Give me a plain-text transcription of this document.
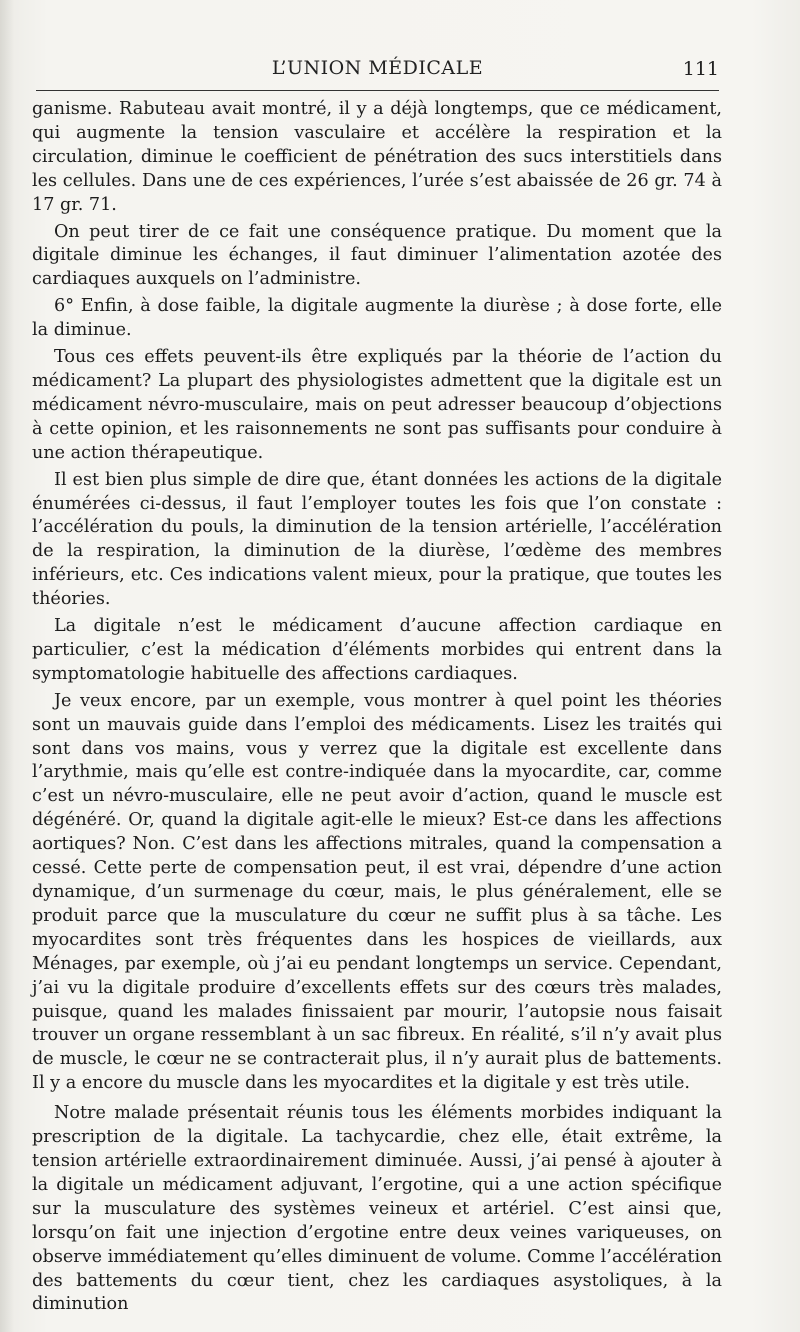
L’UNION MÉDICALE	111

ganisme. Rabuteau avait montré, il y a déjà longtemps, que ce médicament, qui augmente la tension vasculaire et accélère la respiration et la circulation, diminue le coefficient de pénétration des sucs interstitiels dans les cellules. Dans une de ces expériences, l’urée s’est abaissée de 26 gr. 74 à 17 gr. 71.

On peut tirer de ce fait une conséquence pratique. Du moment que la digitale diminue les échanges, il faut diminuer l’alimentation azotée des cardiaques auxquels on l’administre.

6° Enfin, à dose faible, la digitale augmente la diurèse ; à dose forte, elle la diminue.

Tous ces effets peuvent-ils être expliqués par la théorie de l’action du médicament? La plupart des physiologistes admettent que la digitale est un médicament névro-musculaire, mais on peut adresser beaucoup d’objections à cette opinion, et les raisonnements ne sont pas suffisants pour conduire à une action thérapeutique.

Il est bien plus simple de dire que, étant données les actions de la digitale énumérées ci-dessus, il faut l’employer toutes les fois que l’on constate : l’accélération du pouls, la diminution de la tension artérielle, l’accélération de la respiration, la diminution de la diurèse, l’œdème des membres inférieurs, etc. Ces indications valent mieux, pour la pratique, que toutes les théories.

La digitale n’est le médicament d’aucune affection cardiaque en particulier, c’est la médication d’éléments morbides qui entrent dans la symptomatologie habituelle des affections cardiaques.

Je veux encore, par un exemple, vous montrer à quel point les théories sont un mauvais guide dans l’emploi des médicaments. Lisez les traités qui sont dans vos mains, vous y verrez que la digitale est excellente dans l’arythmie, mais qu’elle est contre-indiquée dans la myocardite, car, comme c’est un névro-musculaire, elle ne peut avoir d’action, quand le muscle est dégénéré. Or, quand la digitale agit-elle le mieux? Est-ce dans les affections aortiques? Non. C’est dans les affections mitrales, quand la compensation a cessé. Cette perte de compensation peut, il est vrai, dépendre d’une action dynamique, d’un surmenage du cœur, mais, le plus généralement, elle se produit parce que la musculature du cœur ne suffit plus à sa tâche. Les myocardites sont très fréquentes dans les hospices de vieillards, aux Ménages, par exemple, où j’ai eu pendant longtemps un service. Cependant, j’ai vu la digitale produire d’excellents effets sur des cœurs très malades, puisque, quand les malades finissaient par mourir, l’autopsie nous faisait trouver un organe ressemblant à un sac fibreux. En réalité, s’il n’y avait plus de muscle, le cœur ne se contracterait plus, il n’y aurait plus de battements. Il y a encore du muscle dans les myocardites et la digitale y est très utile.

Notre malade présentait réunis tous les éléments morbides indiquant la prescription de la digitale. La tachycardie, chez elle, était extrême, la tension artérielle extraordinairement diminuée. Aussi, j’ai pensé à ajouter à la digitale un médicament adjuvant, l’ergotine, qui a une action spécifique sur la musculature des systèmes veineux et artériel. C’est ainsi que, lorsqu’on fait une injection d’ergotine entre deux veines variqueuses, on observe immédiatement qu’elles diminuent de volume. Comme l’accélération des battements du cœur tient, chez les cardiaques asystoliques, à la diminution
